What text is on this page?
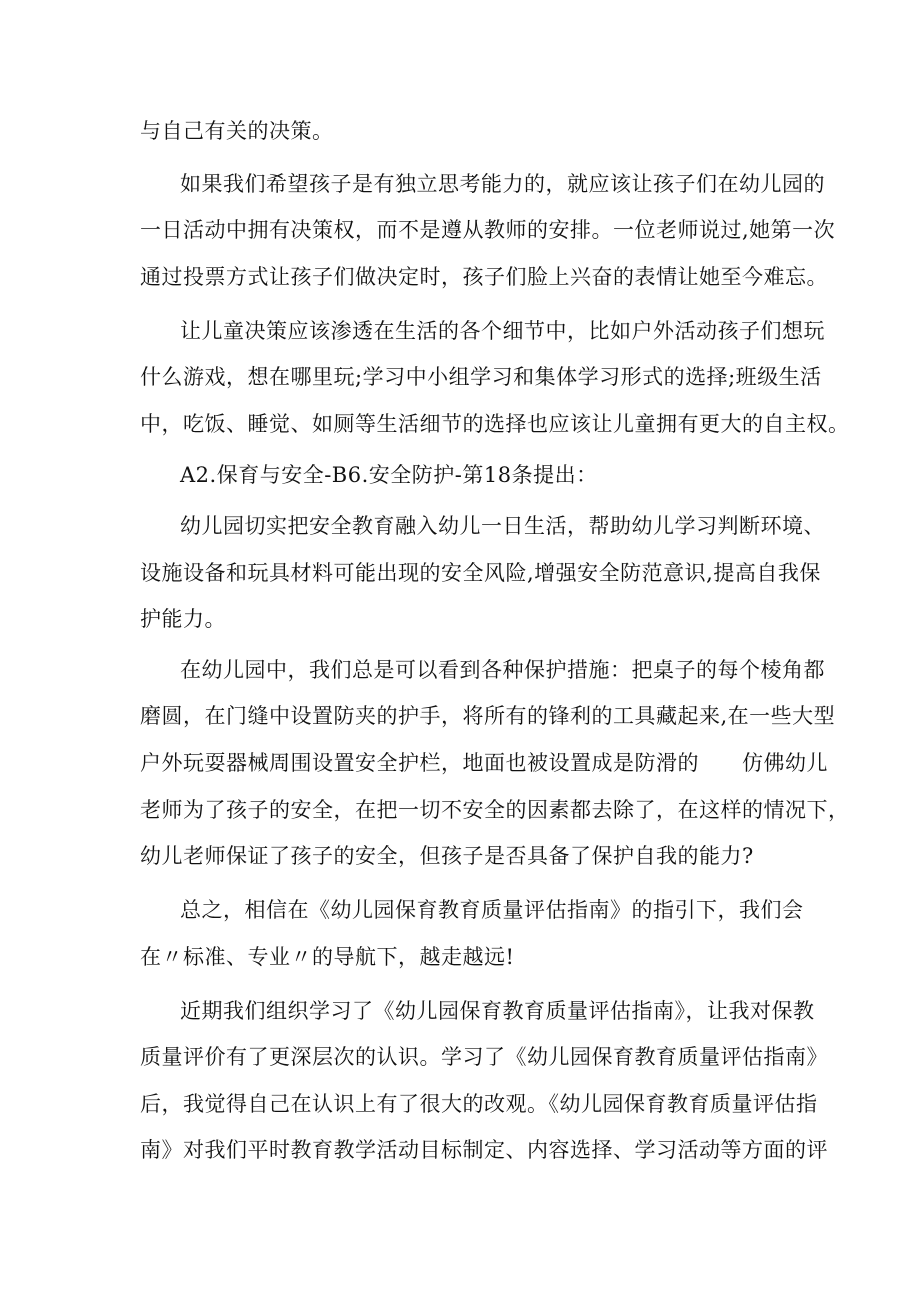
与自己有关的决策。
如果我们希望孩子是有独立思考能力的，就应该让孩子们在幼儿园的
一日活动中拥有决策权，而不是遵从教师的安排。一位老师说过,她第一次
通过投票方式让孩子们做决定时，孩子们脸上兴奋的表情让她至今难忘。
让儿童决策应该渗透在生活的各个细节中，比如户外活动孩子们想玩
什么游戏，想在哪里玩;学习中小组学习和集体学习形式的选择;班级生活
中，吃饭、睡觉、如厕等生活细节的选择也应该让儿童拥有更大的自主权。
A2.保育与安全-B6.安全防护-第18条提出：
幼儿园切实把安全教育融入幼儿一日生活，帮助幼儿学习判断环境、
设施设备和玩具材料可能出现的安全风险,增强安全防范意识,提高自我保
护能力。
在幼儿园中，我们总是可以看到各种保护措施：把桌子的每个棱角都
磨圆，在门缝中设置防夹的护手，将所有的锋利的工具藏起来,在一些大型
户外玩耍器械周围设置安全护栏，地面也被设置成是防滑的　　仿佛幼儿
老师为了孩子的安全，在把一切不安全的因素都去除了，在这样的情况下，
幼儿老师保证了孩子的安全，但孩子是否具备了保护自我的能力?
总之，相信在《幼儿园保育教育质量评估指南》的指引下，我们会
在〃标准、专业〃的导航下，越走越远!
近期我们组织学习了《幼儿园保育教育质量评估指南》，让我对保教
质量评价有了更深层次的认识。学习了《幼儿园保育教育质量评估指南》
后，我觉得自己在认识上有了很大的改观。《幼儿园保育教育质量评估指
南》对我们平时教育教学活动目标制定、内容选择、学习活动等方面的评
